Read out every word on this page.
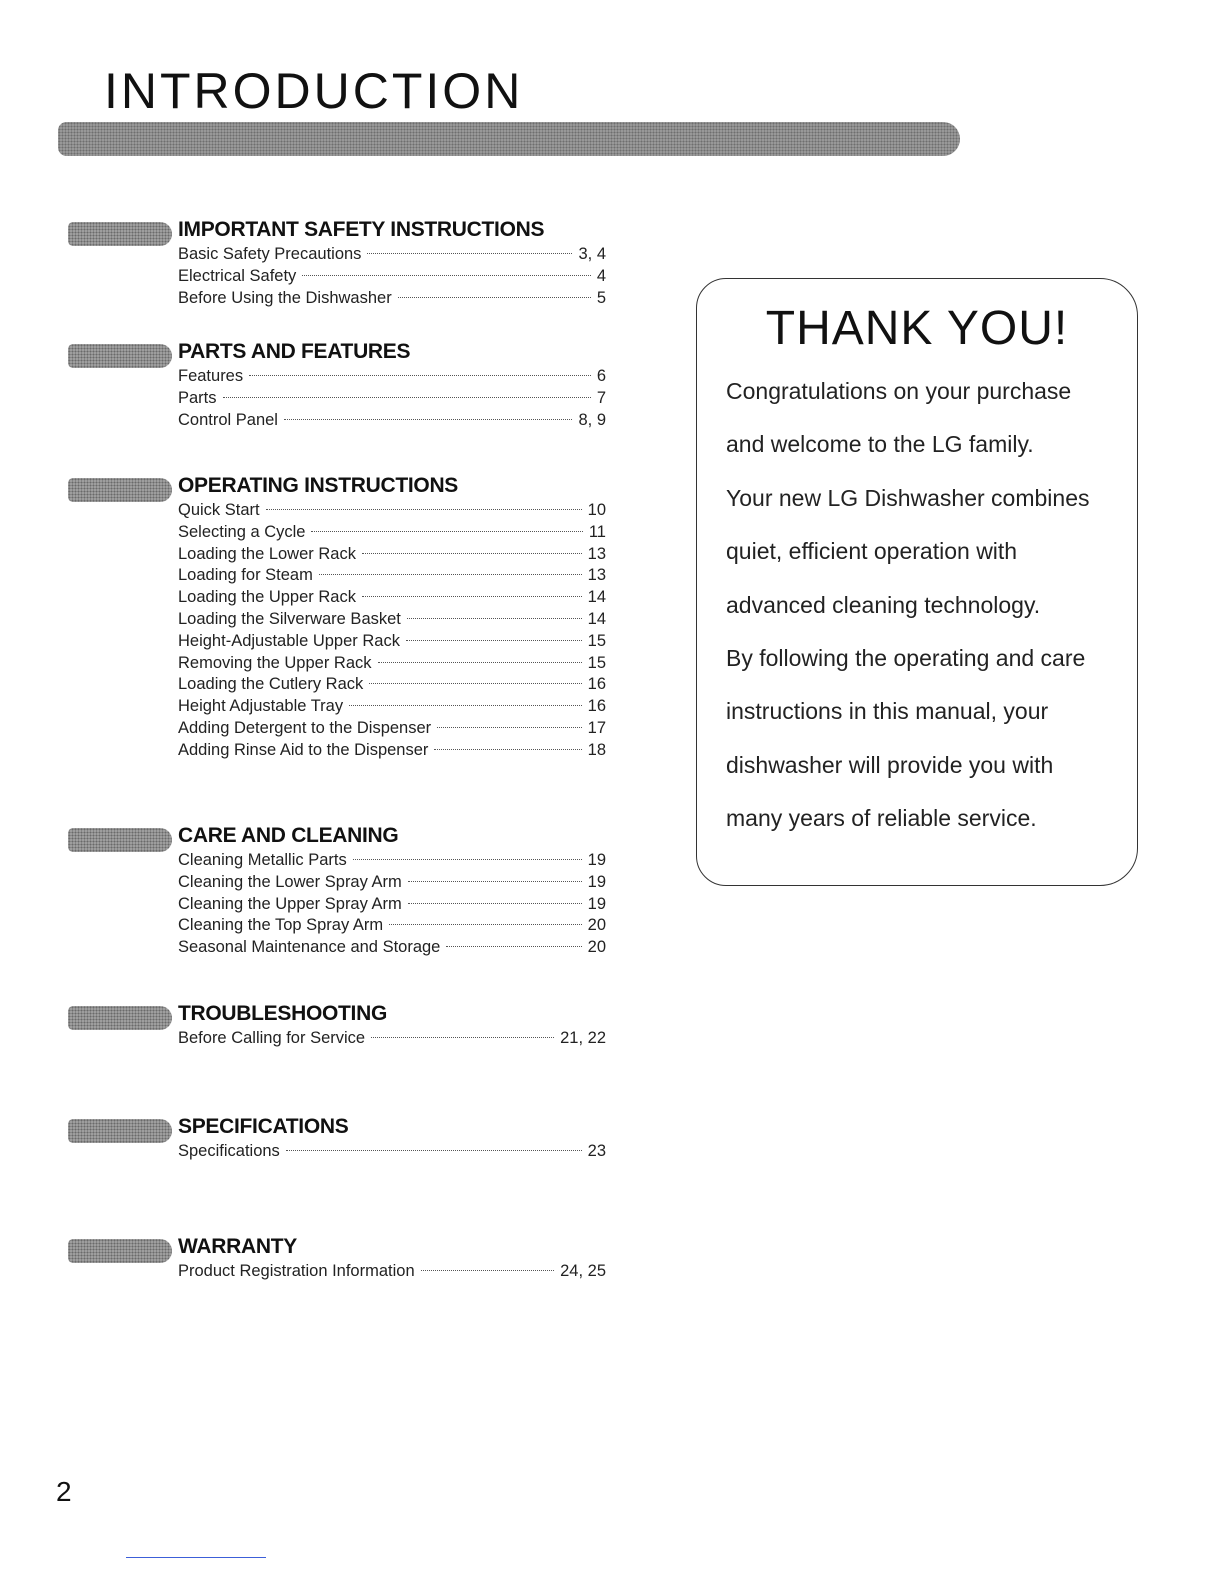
INTRODUCTION
IMPORTANT SAFETY INSTRUCTIONS
Basic Safety Precautions	3, 4
Electrical Safety	4
Before Using the Dishwasher	5
PARTS AND FEATURES
Features	6
Parts	7
Control Panel	8, 9
OPERATING INSTRUCTIONS
Quick Start	10
Selecting a Cycle	11
Loading the Lower Rack	13
Loading for Steam	13
Loading the Upper Rack	14
Loading the Silverware Basket	14
Height-Adjustable Upper Rack	15
Removing the Upper Rack	15
Loading the Cutlery Rack	16
Height Adjustable Tray	16
Adding Detergent to the Dispenser	17
Adding Rinse Aid to the Dispenser	18
CARE AND CLEANING
Cleaning Metallic Parts	19
Cleaning the Lower Spray Arm	19
Cleaning the Upper Spray Arm	19
Cleaning the Top Spray Arm	20
Seasonal Maintenance and Storage	20
TROUBLESHOOTING
Before Calling for Service	21, 22
SPECIFICATIONS
Specifications	23
WARRANTY
Product Registration Information	24, 25
THANK YOU!
Congratulations on your purchase
and welcome to the LG family.
Your new LG Dishwasher combines
quiet, efficient operation with
advanced cleaning technology.
By following the operating and care
instructions in this manual, your
dishwasher will provide you with
many years of reliable service.
2
